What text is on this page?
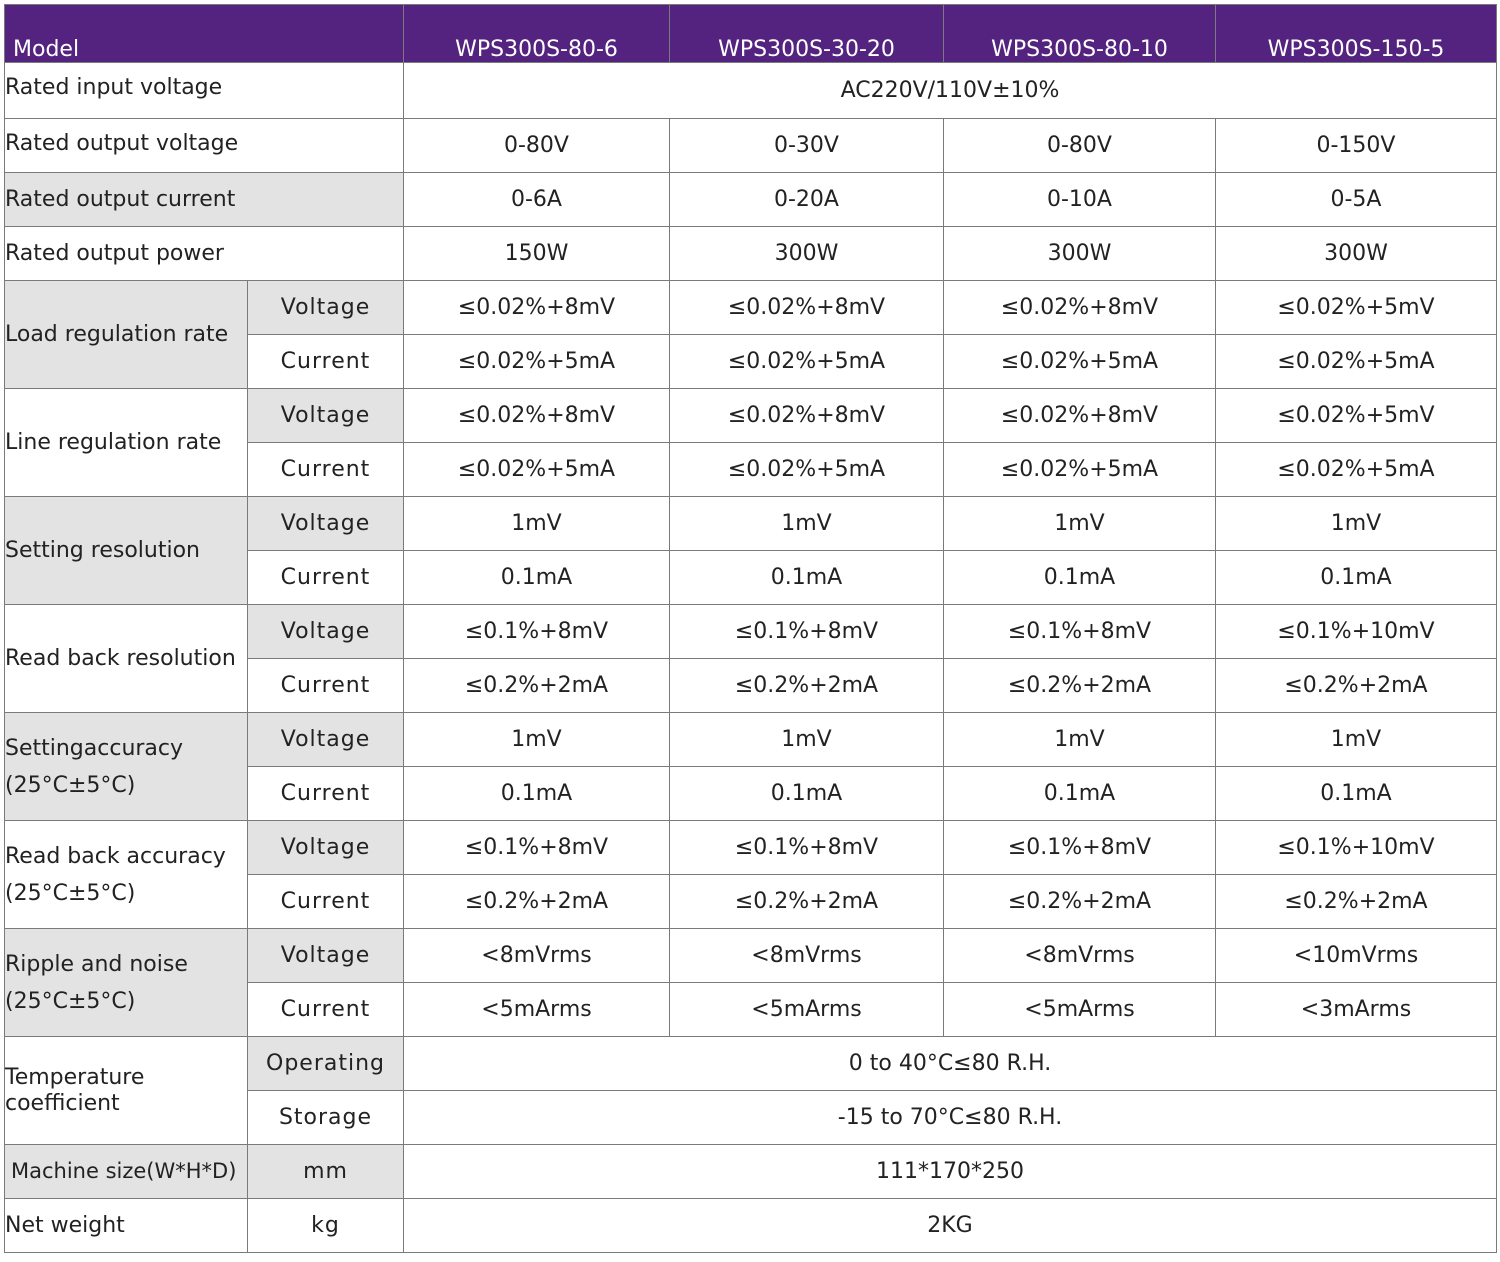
Model		WPS300S-80-6	WPS300S-30-20	WPS300S-80-10	WPS300S-150-5
Rated input voltage		AC220V/110V±10%			
Rated output voltage		0-80V	0-30V	0-80V	0-150V
Rated output current		0-6A	0-20A	0-10A	0-5A
Rated output power		150W	300W	300W	300W
Load regulation rate	Voltage	≤0.02%+8mV	≤0.02%+8mV	≤0.02%+8mV	≤0.02%+5mV
	Current	≤0.02%+5mA	≤0.02%+5mA	≤0.02%+5mA	≤0.02%+5mA
Line regulation rate	Voltage	≤0.02%+8mV	≤0.02%+8mV	≤0.02%+8mV	≤0.02%+5mV
	Current	≤0.02%+5mA	≤0.02%+5mA	≤0.02%+5mA	≤0.02%+5mA
Setting resolution	Voltage	1mV	1mV	1mV	1mV
	Current	0.1mA	0.1mA	0.1mA	0.1mA
Read back resolution	Voltage	≤0.1%+8mV	≤0.1%+8mV	≤0.1%+8mV	≤0.1%+10mV
	Current	≤0.2%+2mA	≤0.2%+2mA	≤0.2%+2mA	≤0.2%+2mA

Settingaccuracy
(25°C±5°C)	Voltage	1mV	1mV	1mV	1mV
	Current	0.1mA	0.1mA	0.1mA	0.1mA

Read back accuracy
(25°C±5°C)	Voltage	≤0.1%+8mV	≤0.1%+8mV	≤0.1%+8mV	≤0.1%+10mV
	Current	≤0.2%+2mA	≤0.2%+2mA	≤0.2%+2mA	≤0.2%+2mA

Ripple and noise
(25°C±5°C)	Voltage	<8mVrms	<8mVrms	<8mVrms	<10mVrms
	Current	<5mArms	<5mArms	<5mArms	<3mArms

Temperature
coefficient	Operating	0 to 40°C≤80 R.H.			
	Storage	-15 to 70°C≤80 R.H.			
Machine size(W*H*D)	mm	111*170*250			
Net weight	kg	2KG			
